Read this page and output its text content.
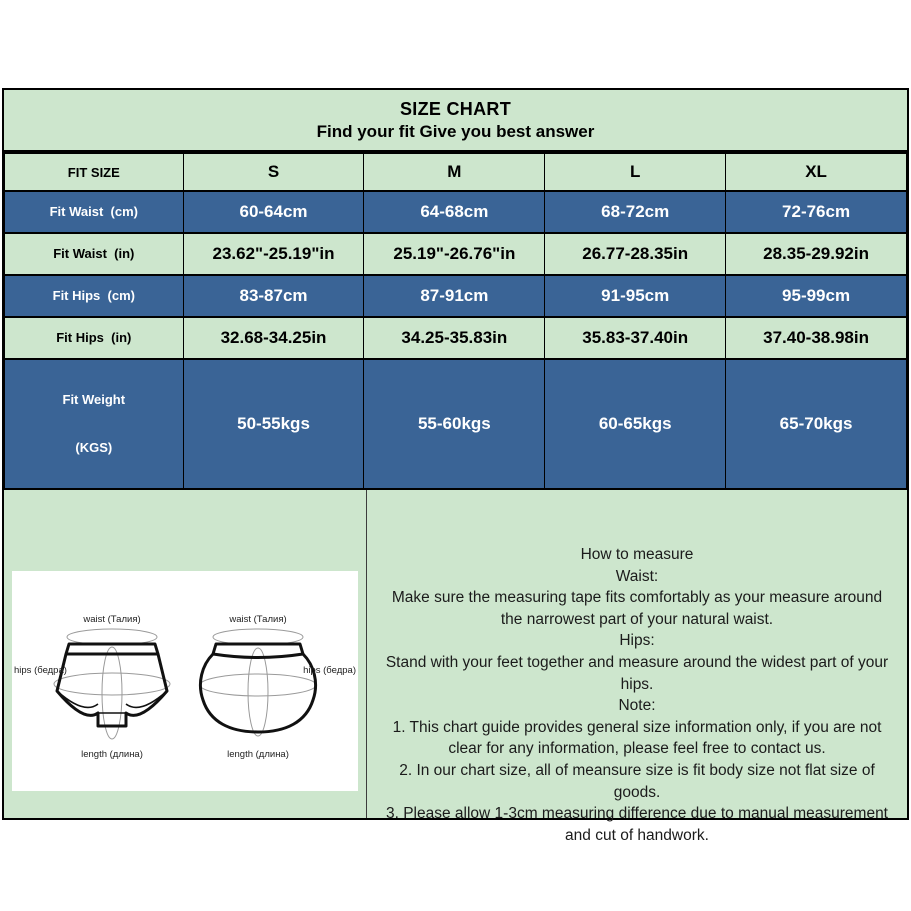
SIZE CHART
Find your fit Give you best answer
FIT SIZE	S	M	L	XL
Fit Waist  (cm)	60-64cm	64-68cm	68-72cm	72-76cm
Fit Waist  (in)	23.62"-25.19"in	25.19"-26.76"in	26.77-28.35in	28.35-29.92in
Fit Hips  (cm)	83-87cm	87-91cm	91-95cm	95-99cm
Fit Hips  (in)	32.68-34.25in	34.25-35.83in	35.83-37.40in	37.40-38.98in

Fit Weight

(KGS)	50-55kgs	55-60kgs	60-65kgs	65-70kgs
waist (Талия)
hips (бедра)
length (длина)
waist (Талия)
hips (бедра)
length (длина)
How to measure
Waist:
Make sure the measuring tape fits comfortably as your measure around
the narrowest part of your natural waist.
Hips:
Stand with your feet together and measure around the widest part of your
hips.
Note:
1. This chart guide provides general size information only, if you are not
clear for any information, please feel free to contact us.
2. In our chart size, all of meansure size is fit body size not flat size of
goods.
3. Please allow 1-3cm measuring difference due to manual measurement
and cut of handwork.
